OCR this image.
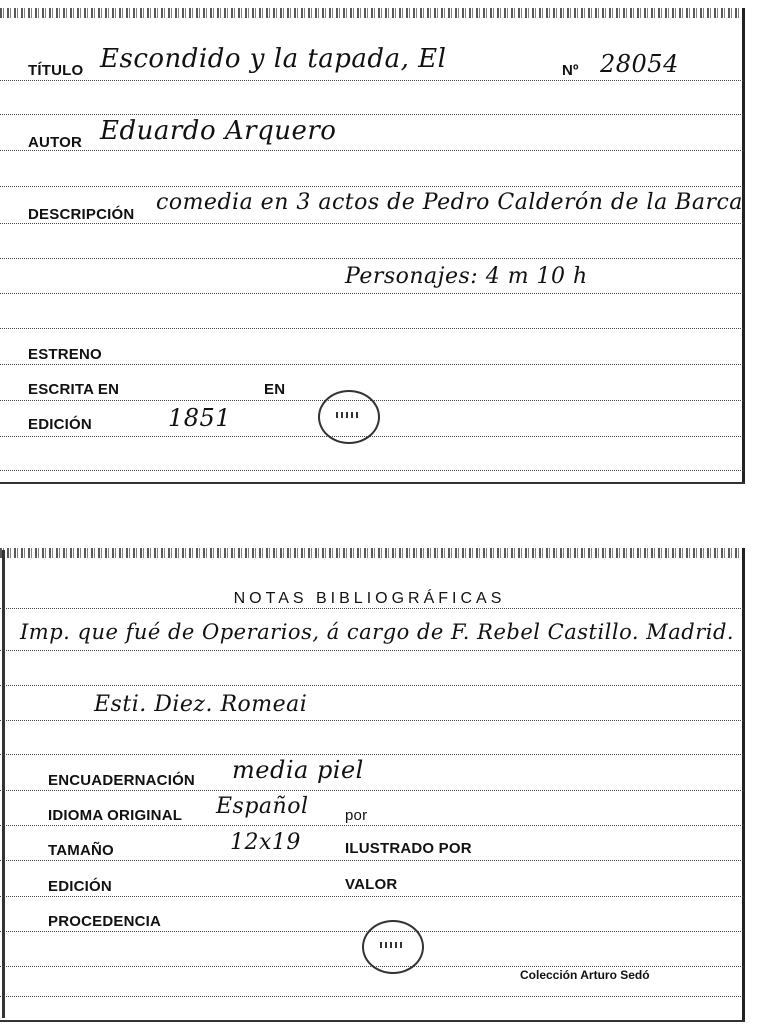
TÍTULO Escondido y la tapada, El	Nº 28054
AUTOR Eduardo Arquero
DESCRIPCIÓN comedia en 3 actos de Pedro Calderón de la Barca
Personajes: 4 m 10 h
ESTRENO
ESCRITA EN	EN
EDICIÓN	1851
NOTAS BIBLIOGRÁFICAS
Imp. que fué de Operarios, á cargo de F. Rebel Castillo. Madrid.
Esti. Diez. Romeai
ENCUADERNACIÓN media piel
IDIOMA ORIGINAL Español por
TAMAÑO	12x19	ILUSTRADO POR
EDICIÓN	VALOR
PROCEDENCIA
Colección Arturo Sedó
